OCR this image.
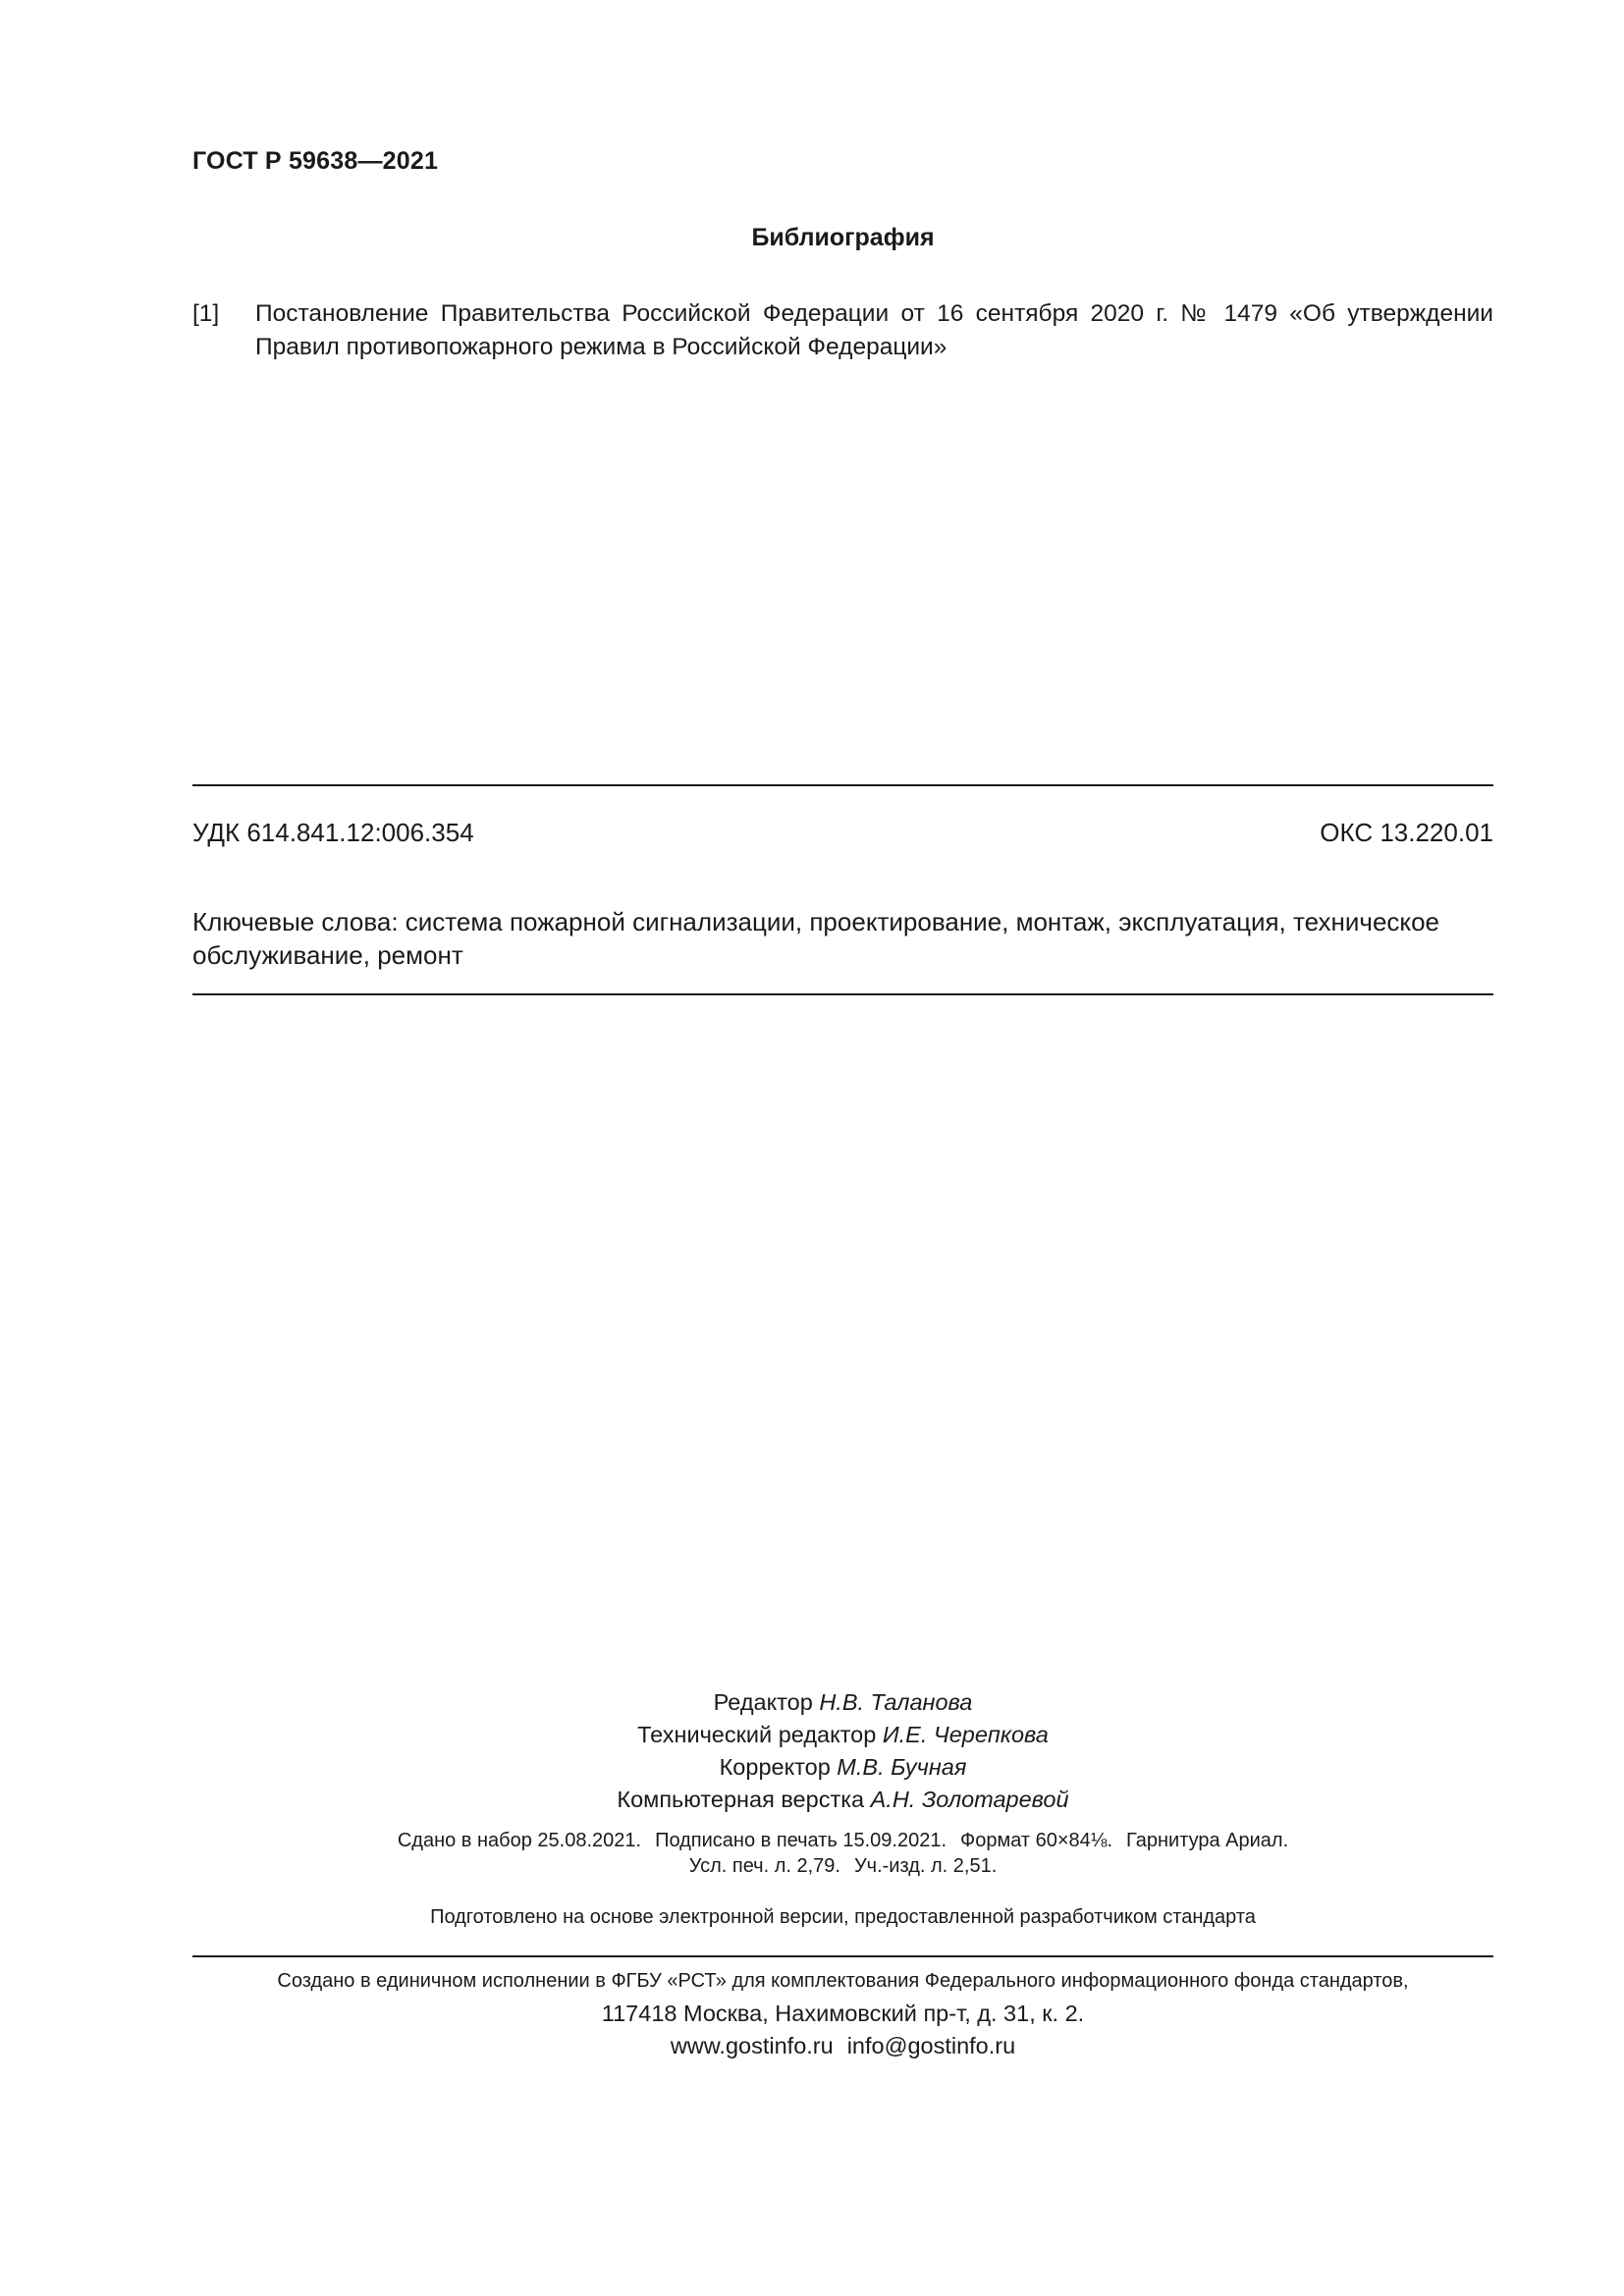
ГОСТ Р 59638—2021
Библиография
[1] Постановление Правительства Российской Федерации от 16 сентября 2020 г. № 1479 «Об утверждении Правил противопожарного режима в Российской Федерации»
УДК 614.841.12:006.354	ОКС 13.220.01
Ключевые слова: система пожарной сигнализации, проектирование, монтаж, эксплуатация, техническое обслуживание, ремонт
Редактор Н.В. Таланова
Технический редактор И.Е. Черепкова
Корректор М.В. Бучная
Компьютерная верстка А.Н. Золотаревой
Сдано в набор 25.08.2021. Подписано в печать 15.09.2021. Формат 60×84⅛. Гарнитура Ариал.
Усл. печ. л. 2,79. Уч.-изд. л. 2,51.
Подготовлено на основе электронной версии, предоставленной разработчиком стандарта
Создано в единичном исполнении в ФГБУ «РСТ» для комплектования Федерального информационного фонда стандартов,
117418 Москва, Нахимовский пр-т, д. 31, к. 2.
www.gostinfo.ru info@gostinfo.ru
